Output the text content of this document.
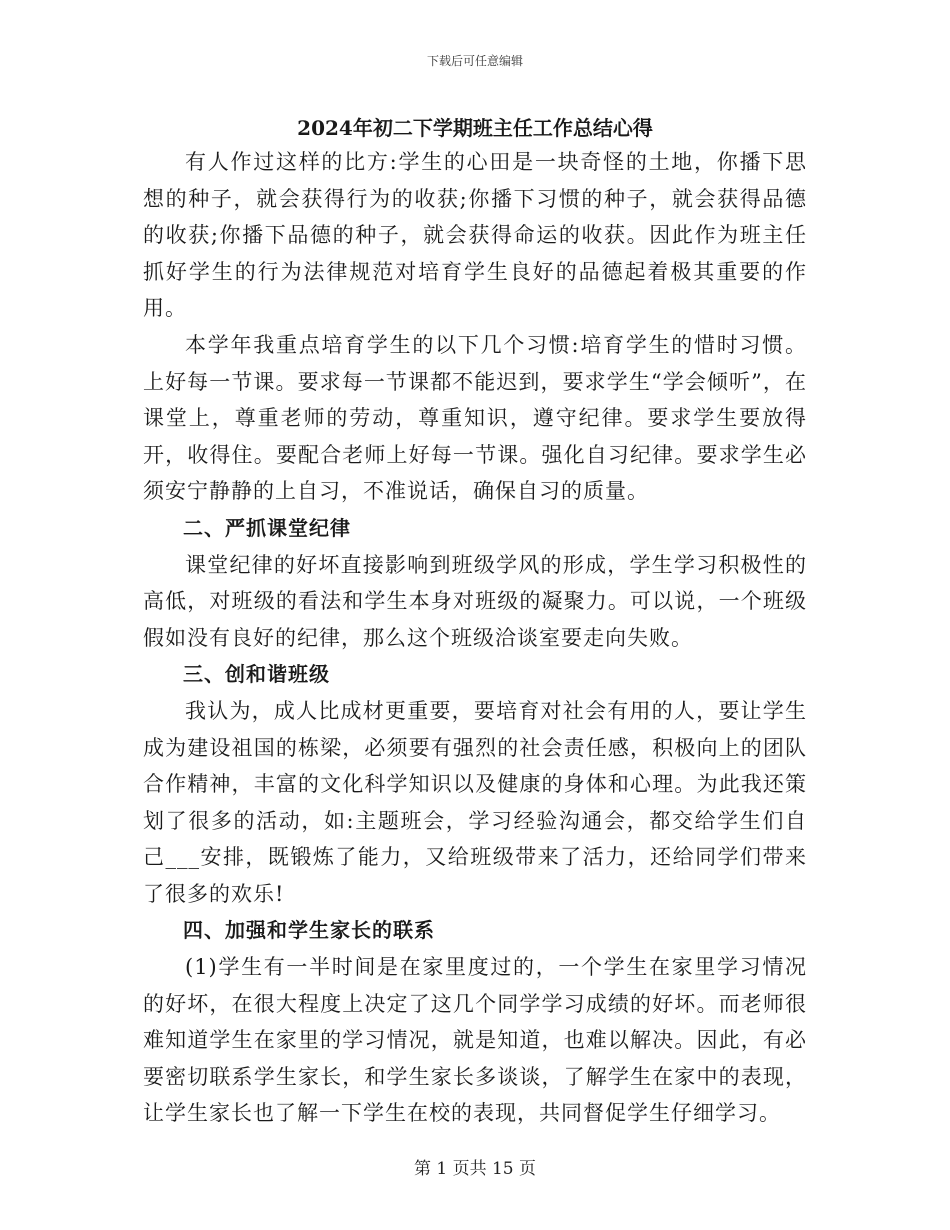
下载后可任意编辑
2024年初二下学期班主任工作总结心得

有人作过这样的比方:学生的心田是一块奇怪的土地，你播下思想的种子，就会获得行为的收获;你播下习惯的种子，就会获得品德的收获;你播下品德的种子，就会获得命运的收获。因此作为班主任抓好学生的行为法律规范对培育学生良好的品德起着极其重要的作用。

本学年我重点培育学生的以下几个习惯:培育学生的惜时习惯。上好每一节课。要求每一节课都不能迟到，要求学生“学会倾听”，在课堂上，尊重老师的劳动，尊重知识，遵守纪律。要求学生要放得开，收得住。要配合老师上好每一节课。强化自习纪律。要求学生必须安宁静静的上自习，不准说话，确保自习的质量。

二、严抓课堂纪律

课堂纪律的好坏直接影响到班级学风的形成，学生学习积极性的高低，对班级的看法和学生本身对班级的凝聚力。可以说，一个班级假如没有良好的纪律，那么这个班级洽谈室要走向失败。

三、创和谐班级

我认为，成人比成材更重要，要培育对社会有用的人，要让学生成为建设祖国的栋梁，必须要有强烈的社会责任感，积极向上的团队合作精神，丰富的文化科学知识以及健康的身体和心理。为此我还策划了很多的活动，如:主题班会，学习经验沟通会，都交给学生们自己___安排，既锻炼了能力，又给班级带来了活力，还给同学们带来了很多的欢乐!

四、加强和学生家长的联系

(1)学生有一半时间是在家里度过的，一个学生在家里学习情况的好坏，在很大程度上决定了这几个同学学习成绩的好坏。而老师很难知道学生在家里的学习情况，就是知道，也难以解决。因此，有必要密切联系学生家长，和学生家长多谈谈，了解学生在家中的表现，让学生家长也了解一下学生在校的表现，共同督促学生仔细学习。

第 1 页共 15 页
